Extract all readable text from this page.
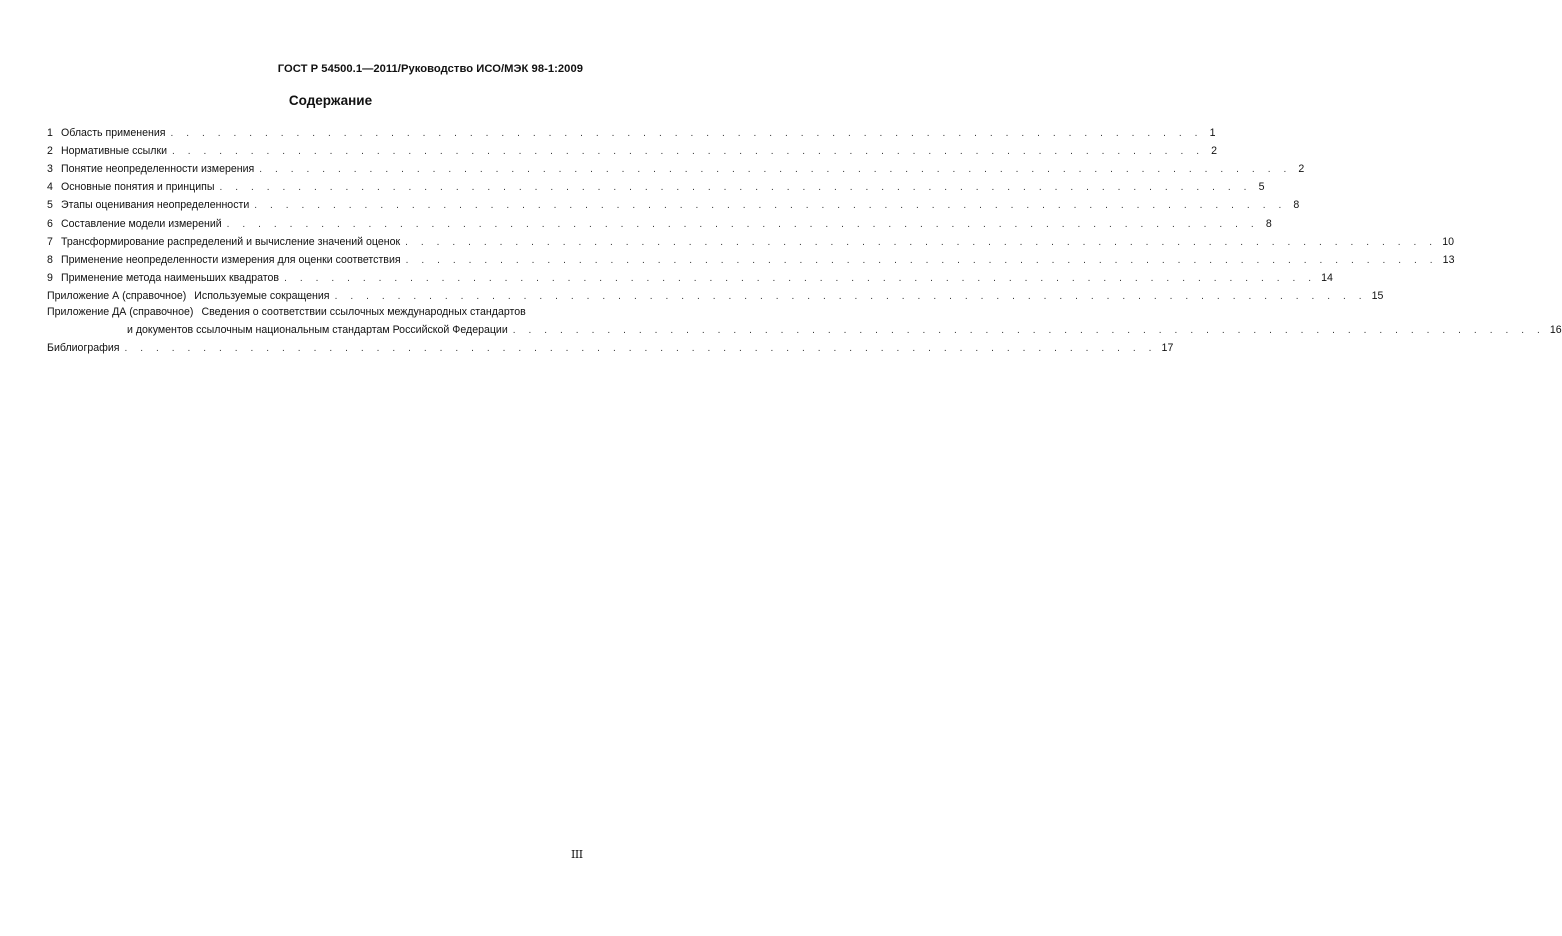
ГОСТ Р 54500.1—2011/Руководство ИСО/МЭК 98-1:2009
Содержание
1 Область применения . . . . . . . . . . . . . . . . . . . . . . . . . . . . . . . . . . . . . . . . . . . . . . . . . . . . . . . . . . . . . . . . . . 1
2 Нормативные ссылки . . . . . . . . . . . . . . . . . . . . . . . . . . . . . . . . . . . . . . . . . . . . . . . . . . . . . . . . . . . . . . . . . . 2
3 Понятие неопределенности измерения . . . . . . . . . . . . . . . . . . . . . . . . . . . . . . . . . . . . . . . . . . . . . . . . . . . . . . . . . . . . . . . . . . 2
4 Основные понятия и принципы . . . . . . . . . . . . . . . . . . . . . . . . . . . . . . . . . . . . . . . . . . . . . . . . . . . . . . . . . . . . . . . . . . 5
5 Этапы оценивания неопределенности . . . . . . . . . . . . . . . . . . . . . . . . . . . . . . . . . . . . . . . . . . . . . . . . . . . . . . . . . . . . . . . . . . 8
6 Составление модели измерений . . . . . . . . . . . . . . . . . . . . . . . . . . . . . . . . . . . . . . . . . . . . . . . . . . . . . . . . . . . . . . . . . . 8
7 Трансформирование распределений и вычисление значений оценок . . . . . . . . . . . . . . . . . . . . . . . . . . . . . . . . . . . . . . . . . . . . . . . . . . . . . . . . . . . . . . . . . . 10
8 Применение неопределенности измерения для оценки соответствия . . . . . . . . . . . . . . . . . . . . . . . . . . . . . . . . . . . . . . . . . . . . . . . . . . . . . . . . . . . . . . . . . . 13
9 Применение метода наименьших квадратов . . . . . . . . . . . . . . . . . . . . . . . . . . . . . . . . . . . . . . . . . . . . . . . . . . . . . . . . . . . . . . . . . . 14
Приложение А (справочное) Используемые сокращения . . . . . . . . . . . . . . . . . . . . . . . . . . . . . . . . . . . . . . . . . . . . . . . . . . . . . . . . . . . . . . . . . . 15
Приложение ДА (справочное) Сведения о соответствии ссылочных международных стандартов
и документов ссылочным национальным стандартам Российской Федерации . . . . . . . . . . . . . . . . . . . . . . . . . . . . . . . . . . . . . . . . . . . . . . . . . . . . . . . . . . . . . . . . . . 16
Библиография . . . . . . . . . . . . . . . . . . . . . . . . . . . . . . . . . . . . . . . . . . . . . . . . . . . . . . . . . . . . . . . . . . 17
III
